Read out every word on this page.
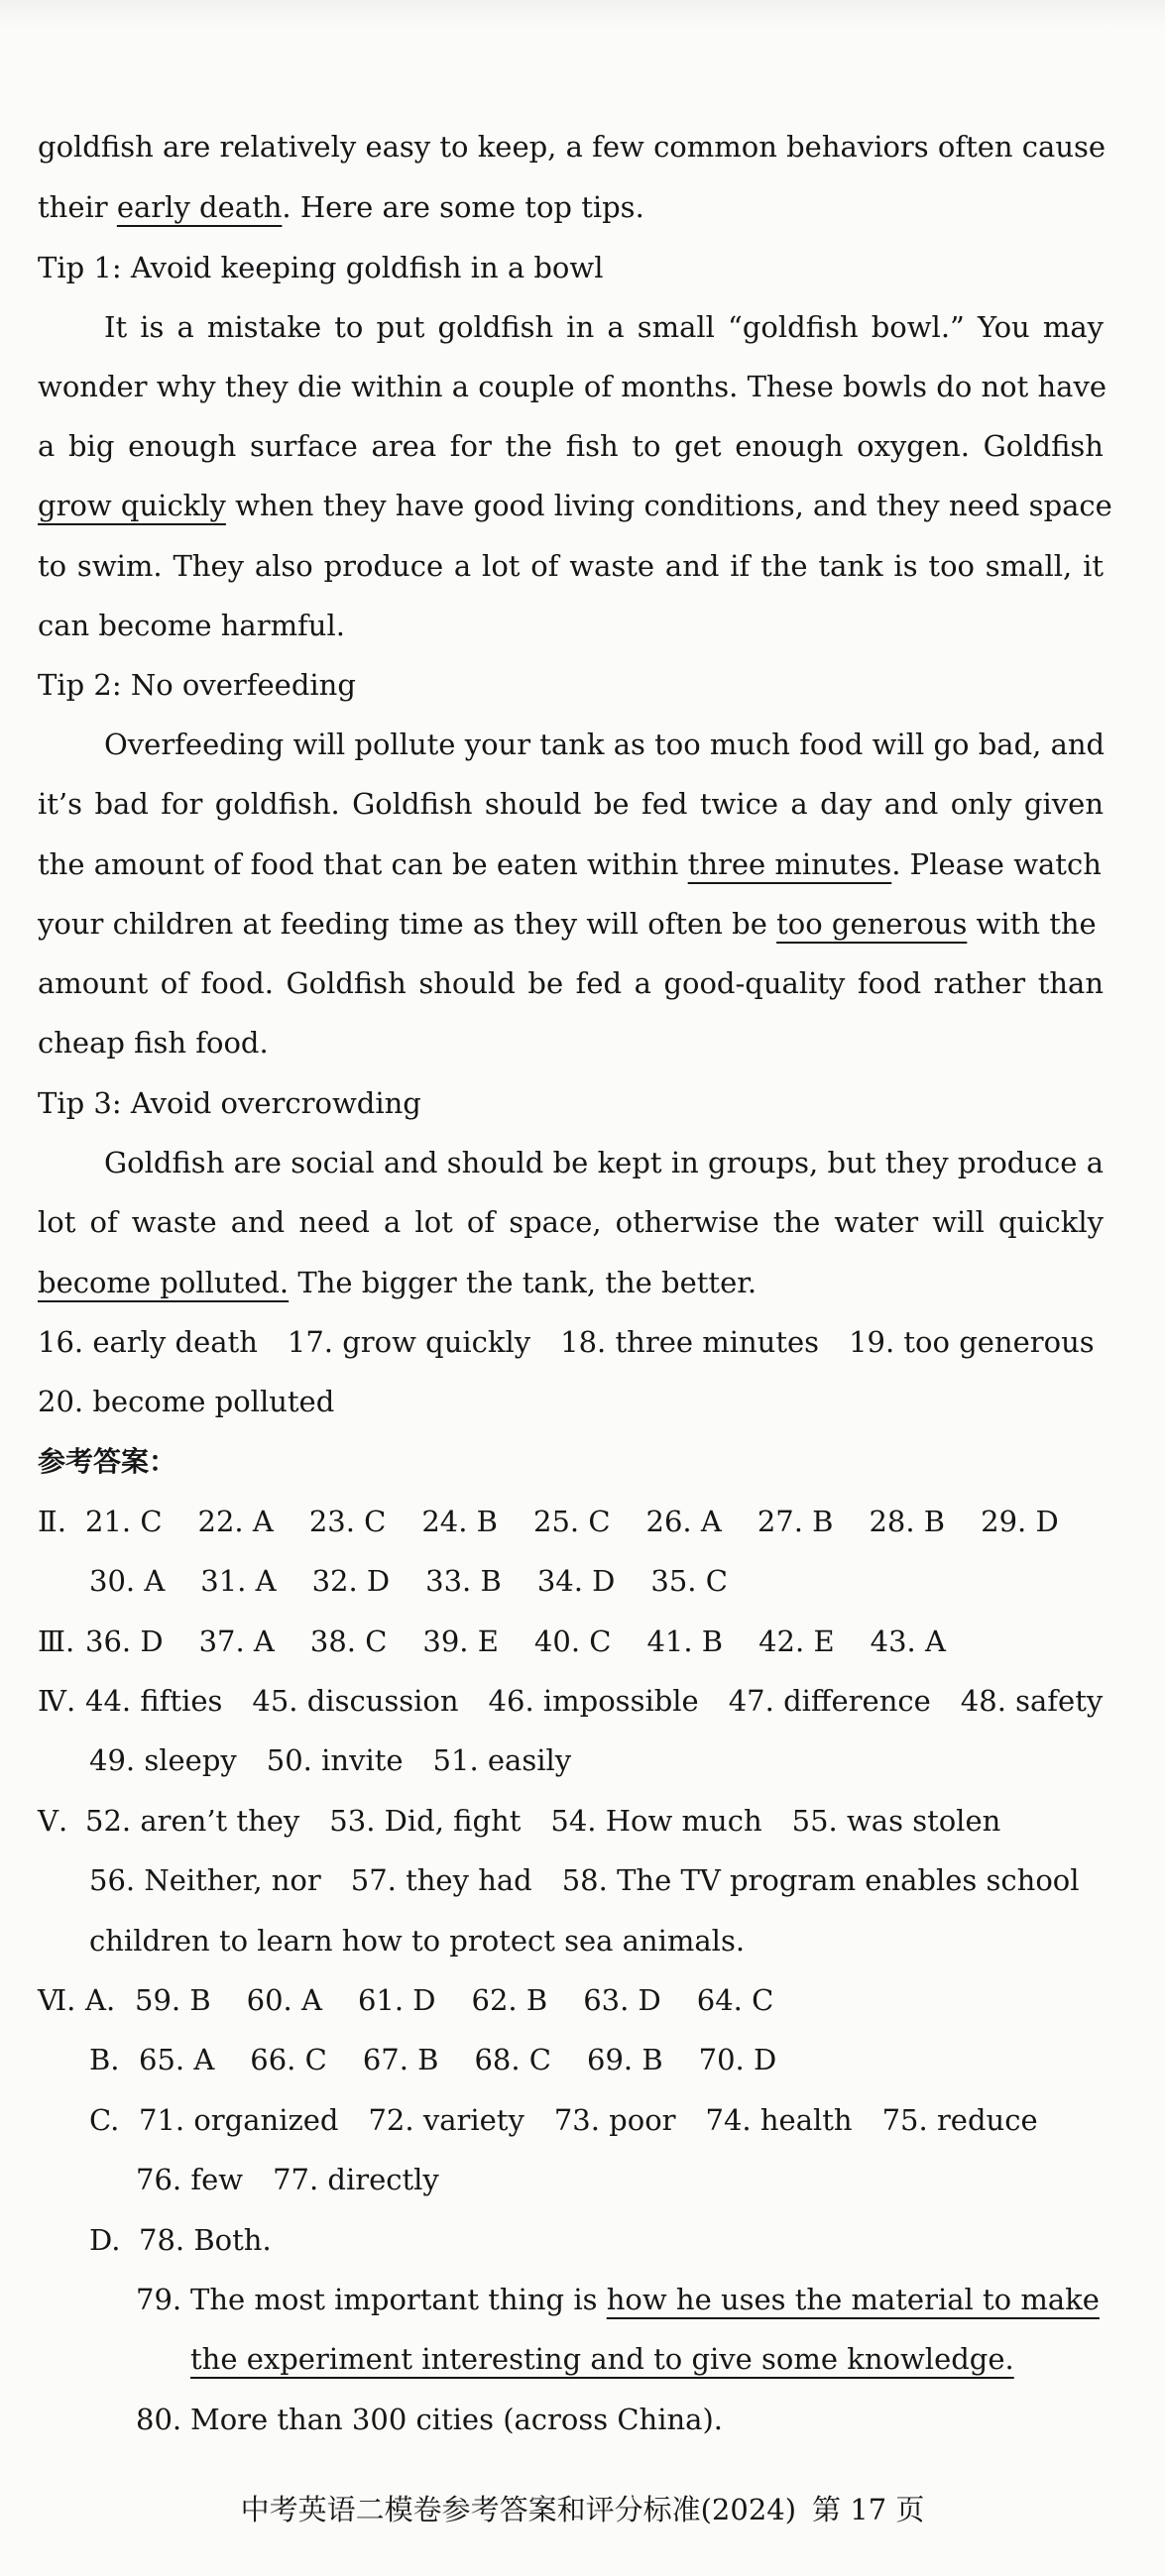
goldfish are relatively easy to keep, a few common behaviors often cause
their early death. Here are some top tips.
Tip 1: Avoid keeping goldfish in a bowl
It is a mistake to put goldfish in a small “goldfish bowl.” You may
wonder why they die within a couple of months. These bowls do not have
a big enough surface area for the fish to get enough oxygen. Goldfish
grow quickly when they have good living conditions, and they need space
to swim. They also produce a lot of waste and if the tank is too small, it
can become harmful.
Tip 2: No overfeeding
Overfeeding will pollute your tank as too much food will go bad, and
it’s bad for goldfish. Goldfish should be fed twice a day and only given
the amount of food that can be eaten within three minutes. Please watch
your children at feeding time as they will often be too generous with the
amount of food. Goldfish should be fed a good-quality food rather than
cheap fish food.
Tip 3: Avoid overcrowding
Goldfish are social and should be kept in groups, but they produce a
lot of waste and need a lot of space, otherwise the water will quickly
become polluted. The bigger the tank, the better.
16. early death 17. grow quickly 18. three minutes 19. too generous
20. become polluted
参考答案：
Ⅱ. 21. C 22. A 23. C 24. B 25. C 26. A 27. B 28. B 29. D
30. A 31. A 32. D 33. B 34. D 35. C
Ⅲ. 36. D 37. A 38. C 39. E 40. C 41. B 42. E 43. A
Ⅳ. 44. fifties 45. discussion 46. impossible 47. difference 48. safety
49. sleepy 50. invite 51. easily
Ⅴ. 52. aren’t they 53. Did, fight 54. How much 55. was stolen
56. Neither, nor 57. they had 58. The TV program enables school
children to learn how to protect sea animals.
Ⅵ. A. 59. B 60. A 61. D 62. B 63. D 64. C
B. 65. A 66. C 67. B 68. C 69. B 70. D
C. 71. organized 72. variety 73. poor 74. health 75. reduce
76. few 77. directly
D. 78. Both.
79. The most important thing is how he uses the material to make
the experiment interesting and to give some knowledge.
80. More than 300 cities (across China).
中考英语二模卷参考答案和评分标准(2024) 第 17 页
